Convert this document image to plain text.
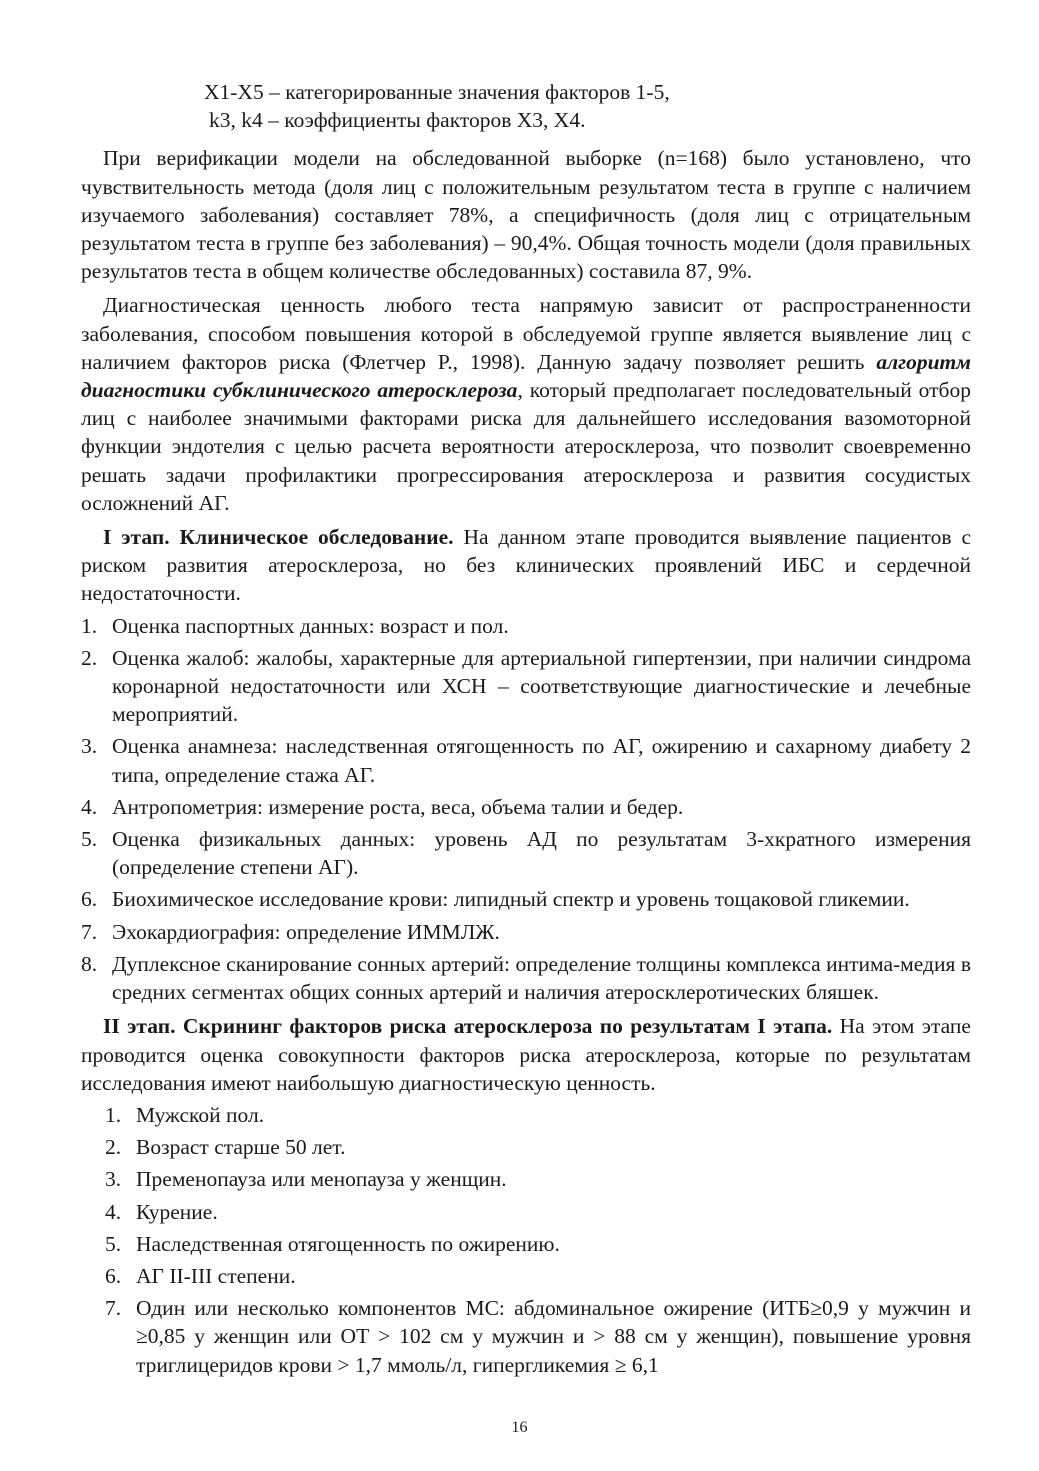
X1-X5 – категорированные значения факторов 1-5,
k3, k4 – коэффициенты факторов X3, X4.

При верификации модели на обследованной выборке (n=168) было установлено, что чувствительность метода (доля лиц с положительным результатом теста в группе с наличием изучаемого заболевания) составляет 78%, а специфичность (доля лиц с отрицательным результатом теста в группе без заболевания) – 90,4%. Общая точность модели (доля правильных результатов теста в общем количестве обследованных) составила 87, 9%.

Диагностическая ценность любого теста напрямую зависит от распространенности заболевания, способом повышения которой в обследуемой группе является выявление лиц с наличием факторов риска (Флетчер Р., 1998). Данную задачу позволяет решить алгоритм диагностики субклинического атеросклероза, который предполагает последовательный отбор лиц с наиболее значимыми факторами риска для дальнейшего исследования вазомоторной функции эндотелия с целью расчета вероятности атеросклероза, что позволит своевременно решать задачи профилактики прогрессирования атеросклероза и развития сосудистых осложнений АГ.

I этап. Клиническое обследование. На данном этапе проводится выявление пациентов с риском развития атеросклероза, но без клинических проявлений ИБС и сердечной недостаточности.

1. Оценка паспортных данных: возраст и пол.
2. Оценка жалоб: жалобы, характерные для артериальной гипертензии, при наличии синдрома коронарной недостаточности или ХСН – соответствующие диагностические и лечебные мероприятий.
3. Оценка анамнеза: наследственная отягощенность по АГ, ожирению и сахарному диабету 2 типа, определение стажа АГ.
4. Антропометрия: измерение роста, веса, объема талии и бедер.
5. Оценка физикальных данных: уровень АД по результатам 3-хкратного измерения (определение степени АГ).
6. Биохимическое исследование крови: липидный спектр и уровень тощаковой гликемии.
7. Эхокардиография: определение ИММЛЖ.
8. Дуплексное сканирование сонных артерий: определение толщины комплекса интима-медия в средних сегментах общих сонных артерий и наличия атеросклеротических бляшек.

II этап. Скрининг факторов риска атеросклероза по результатам I этапа. На этом этапе проводится оценка совокупности факторов риска атеросклероза, которые по результатам исследования имеют наибольшую диагностическую ценность.

1. Мужской пол.
2. Возраст старше 50 лет.
3. Пременопауза или менопауза у женщин.
4. Курение.
5. Наследственная отягощенность по ожирению.
6. АГ II-III степени.
7. Один или несколько компонентов МС: абдоминальное ожирение (ИТБ≥0,9 у мужчин и ≥0,85 у женщин или ОТ > 102 см у мужчин и > 88 см у женщин), повышение уровня триглицеридов крови > 1,7 ммоль/л, гипергликемия ≥ 6,1
16
